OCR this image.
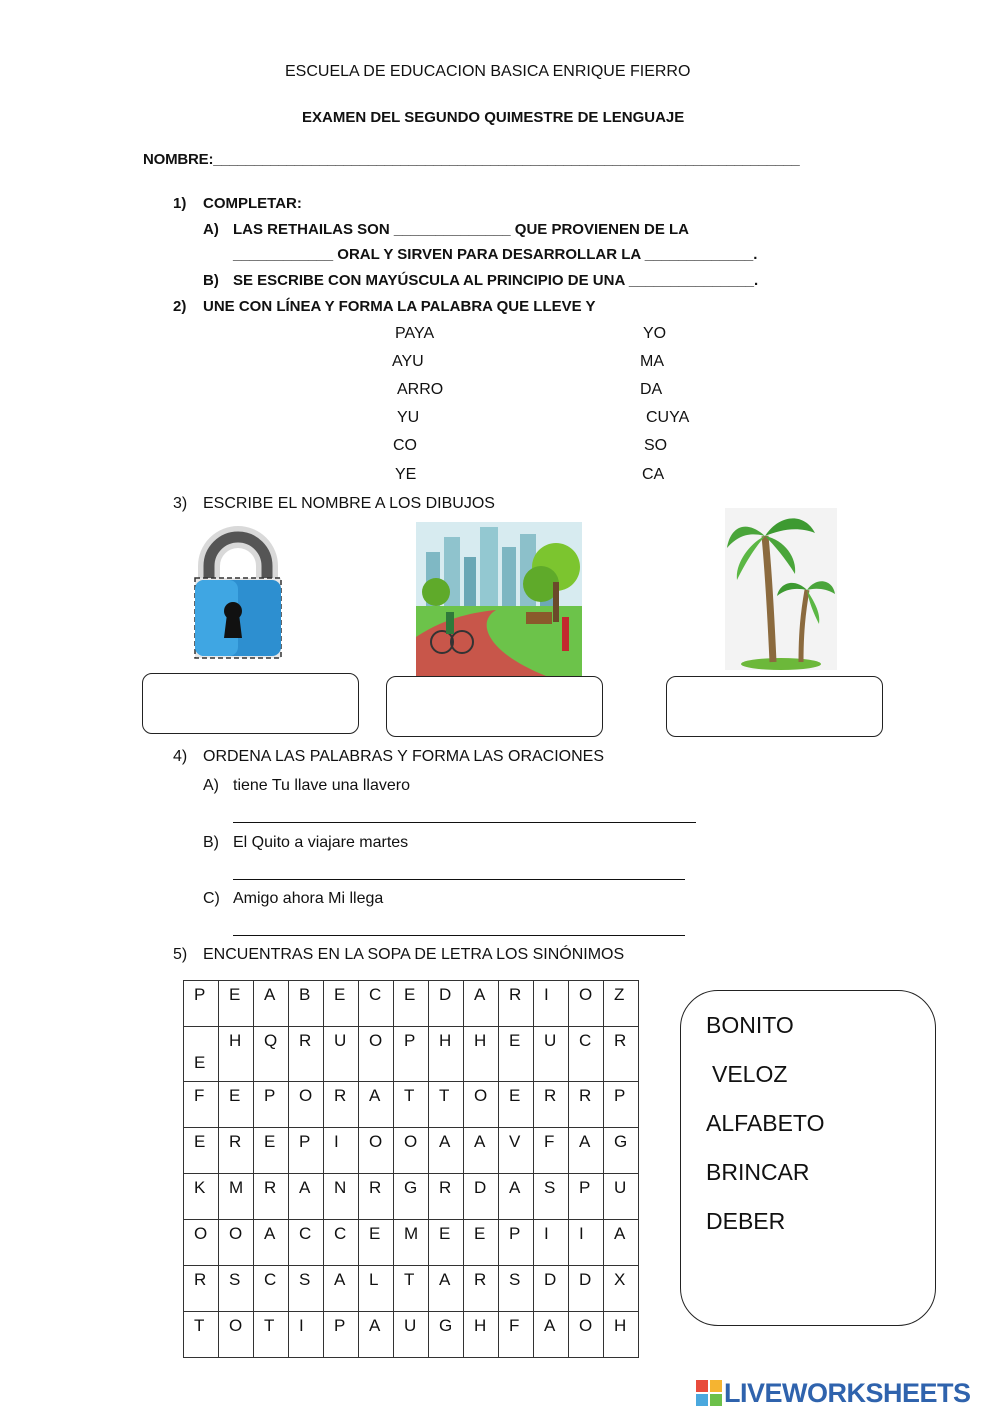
ESCUELA DE EDUCACION BASICA ENRIQUE FIERRO
EXAMEN DEL SEGUNDO QUIMESTRE DE LENGUAJE
NOMBRE:________________________________________________________________________
1) COMPLETAR:
A) LAS RETHAILAS SON ______________ QUE PROVIENEN DE LA
____________ ORAL Y SIRVEN PARA DESARROLLAR LA _____________.
B) SE ESCRIBE CON MAYÚSCULA AL PRINCIPIO DE UNA _______________.
2) UNE CON LÍNEA Y FORMA LA PALABRA QUE LLEVE Y
PAYA
AYU
ARRO
YU
CO
YE
YO
MA
DA
CUYA
SO
CA
3) ESCRIBE EL NOMBRE A LOS DIBUJOS
4) ORDENA LAS PALABRAS Y FORMA LAS ORACIONES
A) tiene Tu llave una llavero
B) El Quito a viajare martes
C) Amigo ahora Mi llega
5) ENCUENTRAS EN LA SOPA DE LETRA LOS SINÓNIMOS
P	E	A	B	E	C	E	D	A	R	I	O	Z

E	H	Q	R	U	O	P	H	H	E	U	C	R

F	E	P	O	R	A	T	T	O	E	R	R	P

E	R	E	P	I	O	O	A	A	V	F	A	G

K	M	R	A	N	R	G	R	D	A	S	P	U

O	O	A	C	C	E	M	E	E	P	I	I	A

R	S	C	S	A	L	T	A	R	S	D	D	X

T	O	T	I	P	A	U	G	H	F	A	O	H
BONITO
VELOZ
ALFABETO
BRINCAR
DEBER
LIVEWORKSHEETS
